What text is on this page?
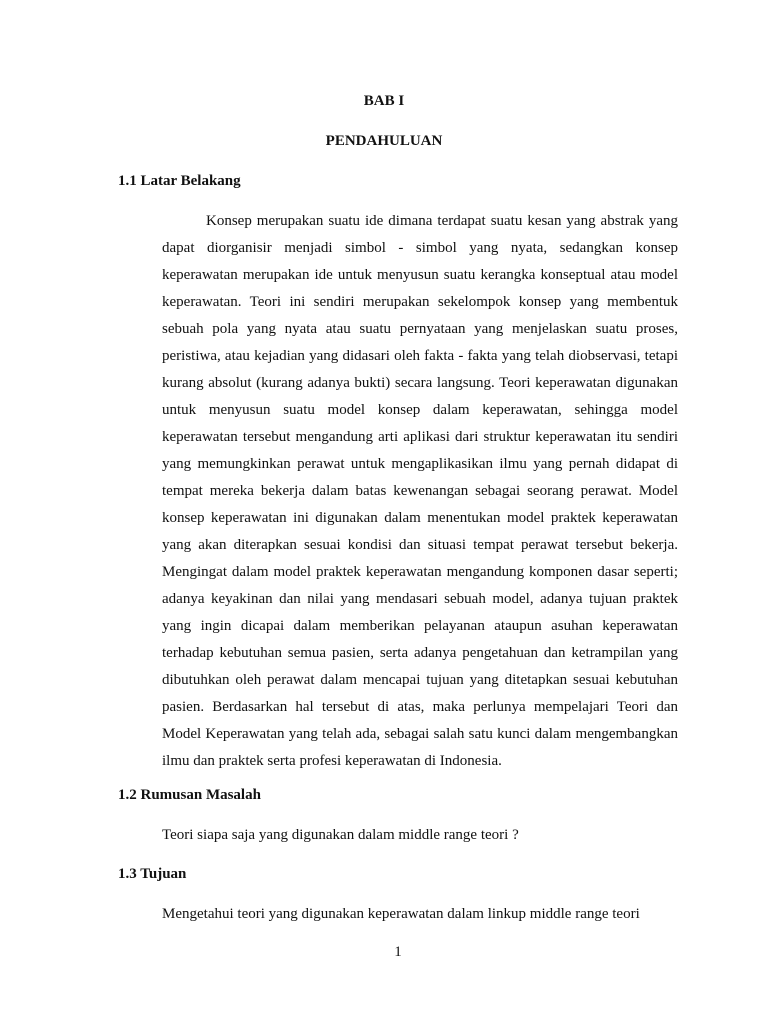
BAB I
PENDAHULUAN
1.1 Latar Belakang
Konsep merupakan suatu ide dimana terdapat suatu kesan yang abstrak yang
dapat diorganisir menjadi simbol - simbol yang nyata, sedangkan konsep
keperawatan merupakan ide untuk menyusun suatu kerangka konseptual atau model
keperawatan. Teori ini sendiri merupakan sekelompok konsep yang membentuk
sebuah pola yang nyata atau suatu pernyataan yang menjelaskan suatu proses,
peristiwa, atau kejadian yang didasari oleh fakta - fakta yang telah diobservasi, tetapi
kurang absolut (kurang adanya bukti) secara langsung. Teori keperawatan digunakan
untuk menyusun suatu model konsep dalam keperawatan, sehingga model
keperawatan tersebut mengandung arti aplikasi dari struktur keperawatan itu sendiri
yang memungkinkan perawat untuk mengaplikasikan ilmu yang pernah didapat di
tempat mereka bekerja dalam batas kewenangan sebagai seorang perawat. Model
konsep keperawatan ini digunakan dalam menentukan model praktek keperawatan
yang akan diterapkan sesuai kondisi dan situasi tempat perawat tersebut bekerja.
Mengingat dalam model praktek keperawatan mengandung komponen dasar seperti;
adanya keyakinan dan nilai yang mendasari sebuah model, adanya tujuan praktek
yang ingin dicapai dalam memberikan pelayanan ataupun asuhan keperawatan
terhadap kebutuhan semua pasien, serta adanya pengetahuan dan ketrampilan yang
dibutuhkan oleh perawat dalam mencapai tujuan yang ditetapkan sesuai kebutuhan
pasien. Berdasarkan hal tersebut di atas, maka perlunya mempelajari Teori dan
Model Keperawatan yang telah ada, sebagai salah satu kunci dalam mengembangkan
ilmu dan praktek serta profesi keperawatan di Indonesia.
1.2 Rumusan Masalah
Teori siapa saja yang digunakan dalam middle range teori ?
1.3 Tujuan
Mengetahui teori yang digunakan keperawatan dalam linkup middle range teori
1
